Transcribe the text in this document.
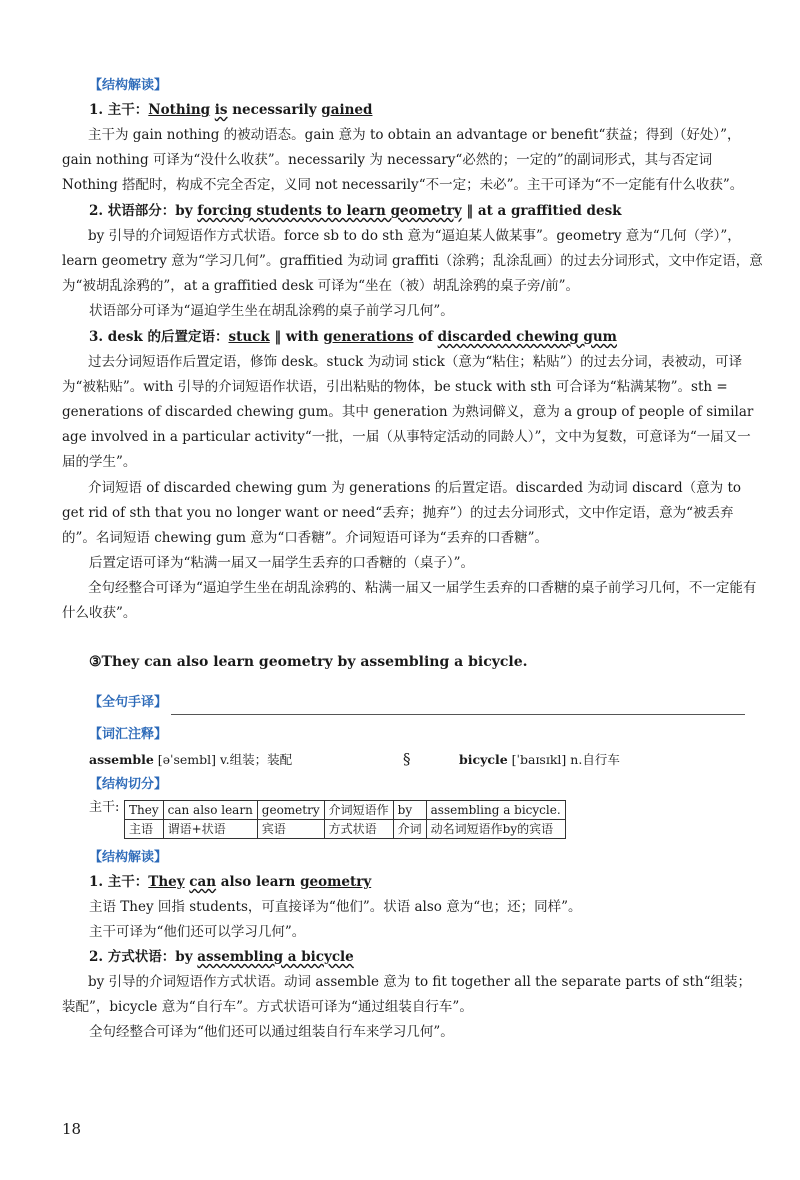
【结构解读】
1. 主干：Nothing is necessarily gained
主干为 gain nothing 的被动语态。gain 意为 to obtain an advantage or benefit“获益；得到（好处）”，gain nothing 可译为“没什么收获”。necessarily 为 necessary“必然的；一定的”的副词形式，其与否定词 Nothing 搭配时，构成不完全否定，义同 not necessarily“不一定；未必”。主干可译为“不一定能有什么收获”。
2. 状语部分：by forcing students to learn geometry ‖ at a graffitied desk
by 引导的介词短语作方式状语。force sb to do sth 意为“逼迫某人做某事”。geometry 意为“几何（学）”，learn geometry 意为“学习几何”。graffitied 为动词 graffiti（涂鸦；乱涂乱画）的过去分词形式，文中作定语，意为“被胡乱涂鸦的”，at a graffitied desk 可译为“坐在（被）胡乱涂鸦的桌子旁/前”。
状语部分可译为“逼迫学生坐在胡乱涂鸦的桌子前学习几何”。
3. desk 的后置定语：stuck ‖ with generations of discarded chewing gum
过去分词短语作后置定语，修饰 desk。stuck 为动词 stick（意为“粘住；粘贴”）的过去分词，表被动，可译为“被粘贴”。with 引导的介词短语作状语，引出粘贴的物体，be stuck with sth 可合译为“粘满某物”。sth = generations of discarded chewing gum。其中 generation 为熟词僻义，意为 a group of people of similar age involved in a particular activity“一批，一届（从事特定活动的同龄人）”，文中为复数，可意译为“一届又一届的学生”。
介词短语 of discarded chewing gum 为 generations 的后置定语。discarded 为动词 discard（意为 to get rid of sth that you no longer want or need“丢弃；抛弃”）的过去分词形式，文中作定语，意为“被丢弃的”。名词短语 chewing gum 意为“口香糖”。介词短语可译为“丢弃的口香糖”。
后置定语可译为“粘满一届又一届学生丢弃的口香糖的（桌子）”。
全句经整合可译为“逼迫学生坐在胡乱涂鸦的、粘满一届又一届学生丢弃的口香糖的桌子前学习几何，不一定能有什么收获”。
③They can also learn geometry by assembling a bicycle.
【全句手译】
【词汇注释】
assemble [əˈsembl] v.组装；装配	§	bicycle [ˈbaɪsɪkl] n.自行车
【结构切分】
主干: They	can also learn	geometry	介词短语作	by	assembling a bicycle.
主语	谓语+状语	宾语	方式状语	介词	动名词短语作by的宾语
【结构解读】
1. 主干：They can also learn geometry
主语 They 回指 students，可直接译为“他们”。状语 also 意为“也；还；同样”。
主干可译为“他们还可以学习几何”。
2. 方式状语：by assembling a bicycle
by 引导的介词短语作方式状语。动词 assemble 意为 to fit together all the separate parts of sth“组装；装配”，bicycle 意为“自行车”。方式状语可译为“通过组装自行车”。
全句经整合可译为“他们还可以通过组装自行车来学习几何”。
18
